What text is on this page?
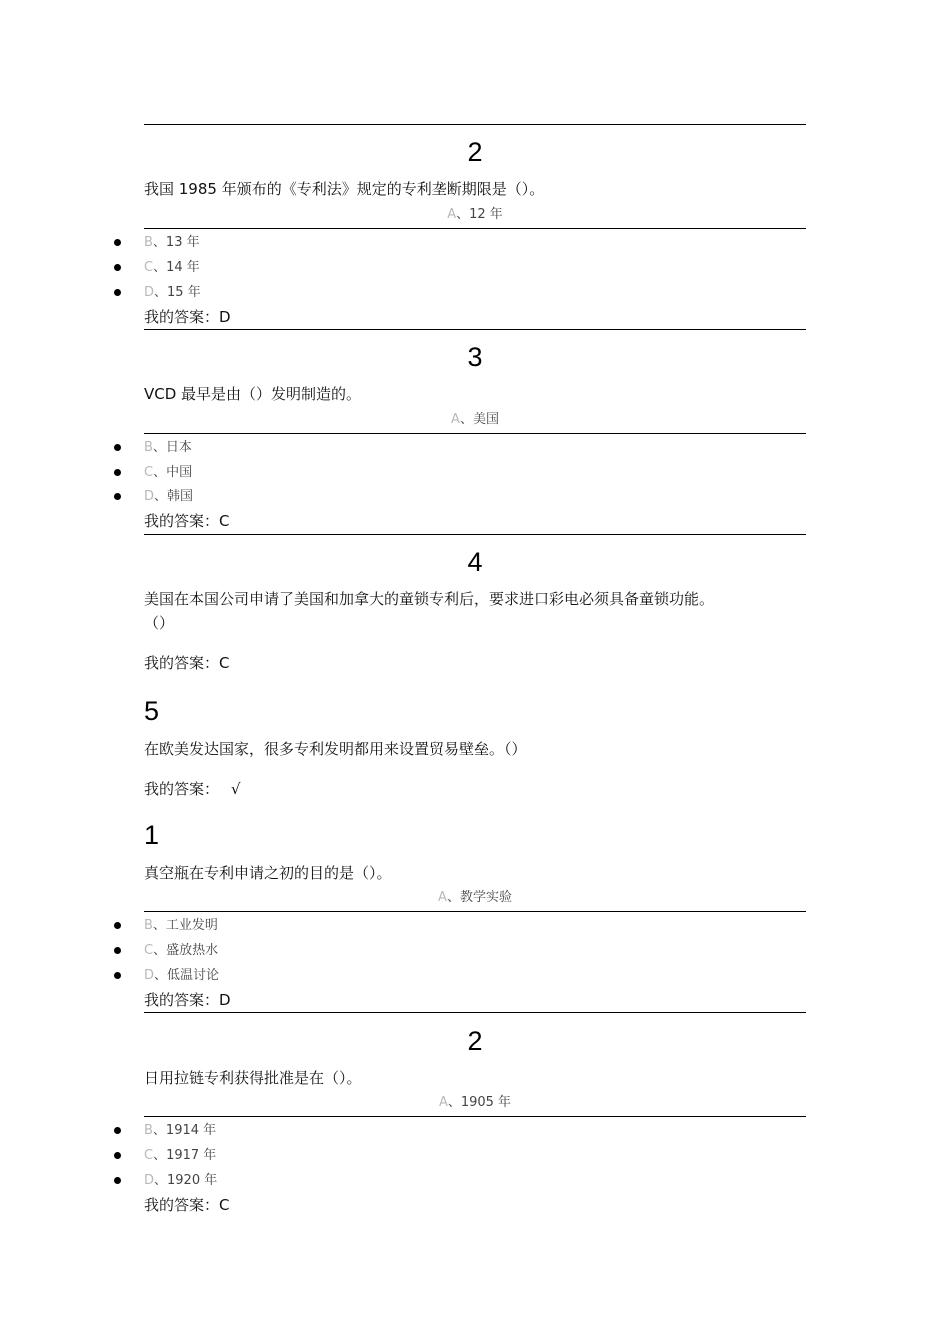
2
我国 1985 年颁布的《专利法》规定的专利垄断期限是（）。
A、12 年
B、13 年
C、14 年
D、15 年
我的答案：D
3
VCD 最早是由（）发明制造的。
A、美国
B、日本
C、中国
D、韩国
我的答案：C
4
美国在本国公司申请了美国和加拿大的童锁专利后，要求进口彩电必须具备童锁功能。
（）
我的答案：C
5
在欧美发达国家，很多专利发明都用来设置贸易壁垒。（）
我的答案： √
1
真空瓶在专利申请之初的目的是（）。
A、教学实验
B、工业发明
C、盛放热水
D、低温讨论
我的答案：D
2
日用拉链专利获得批准是在（）。
A、1905 年
B、1914 年
C、1917 年
D、1920 年
我的答案：C
